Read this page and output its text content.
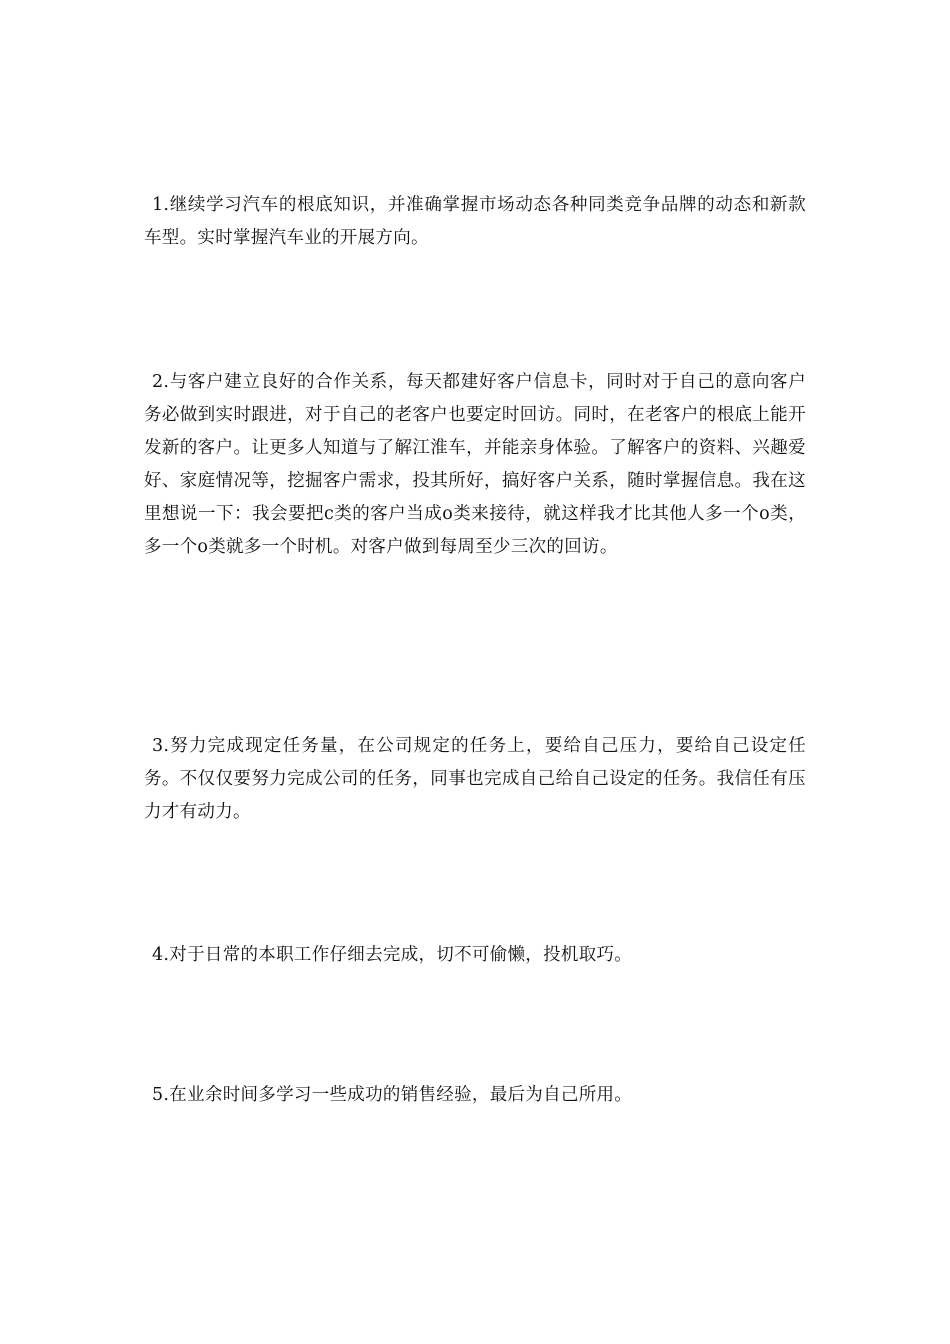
1.继续学习汽车的根底知识，并准确掌握市场动态各种同类竞争品牌的动态和新款车型。实时掌握汽车业的开展方向。

2.与客户建立良好的合作关系，每天都建好客户信息卡，同时对于自己的意向客户务必做到实时跟进，对于自己的老客户也要定时回访。同时，在老客户的根底上能开发新的客户。让更多人知道与了解江淮车，并能亲身体验。了解客户的资料、兴趣爱好、家庭情况等，挖掘客户需求，投其所好，搞好客户关系，随时掌握信息。我在这里想说一下：我会要把c类的客户当成o类来接待，就这样我才比其他人多一个o类，多一个o类就多一个时机。对客户做到每周至少三次的回访。

3.努力完成现定任务量，在公司规定的任务上，要给自己压力，要给自己设定任务。不仅仅要努力完成公司的任务，同事也完成自己给自己设定的任务。我信任有压力才有动力。

4.对于日常的本职工作仔细去完成，切不可偷懒，投机取巧。

5.在业余时间多学习一些成功的销售经验，最后为自己所用。
